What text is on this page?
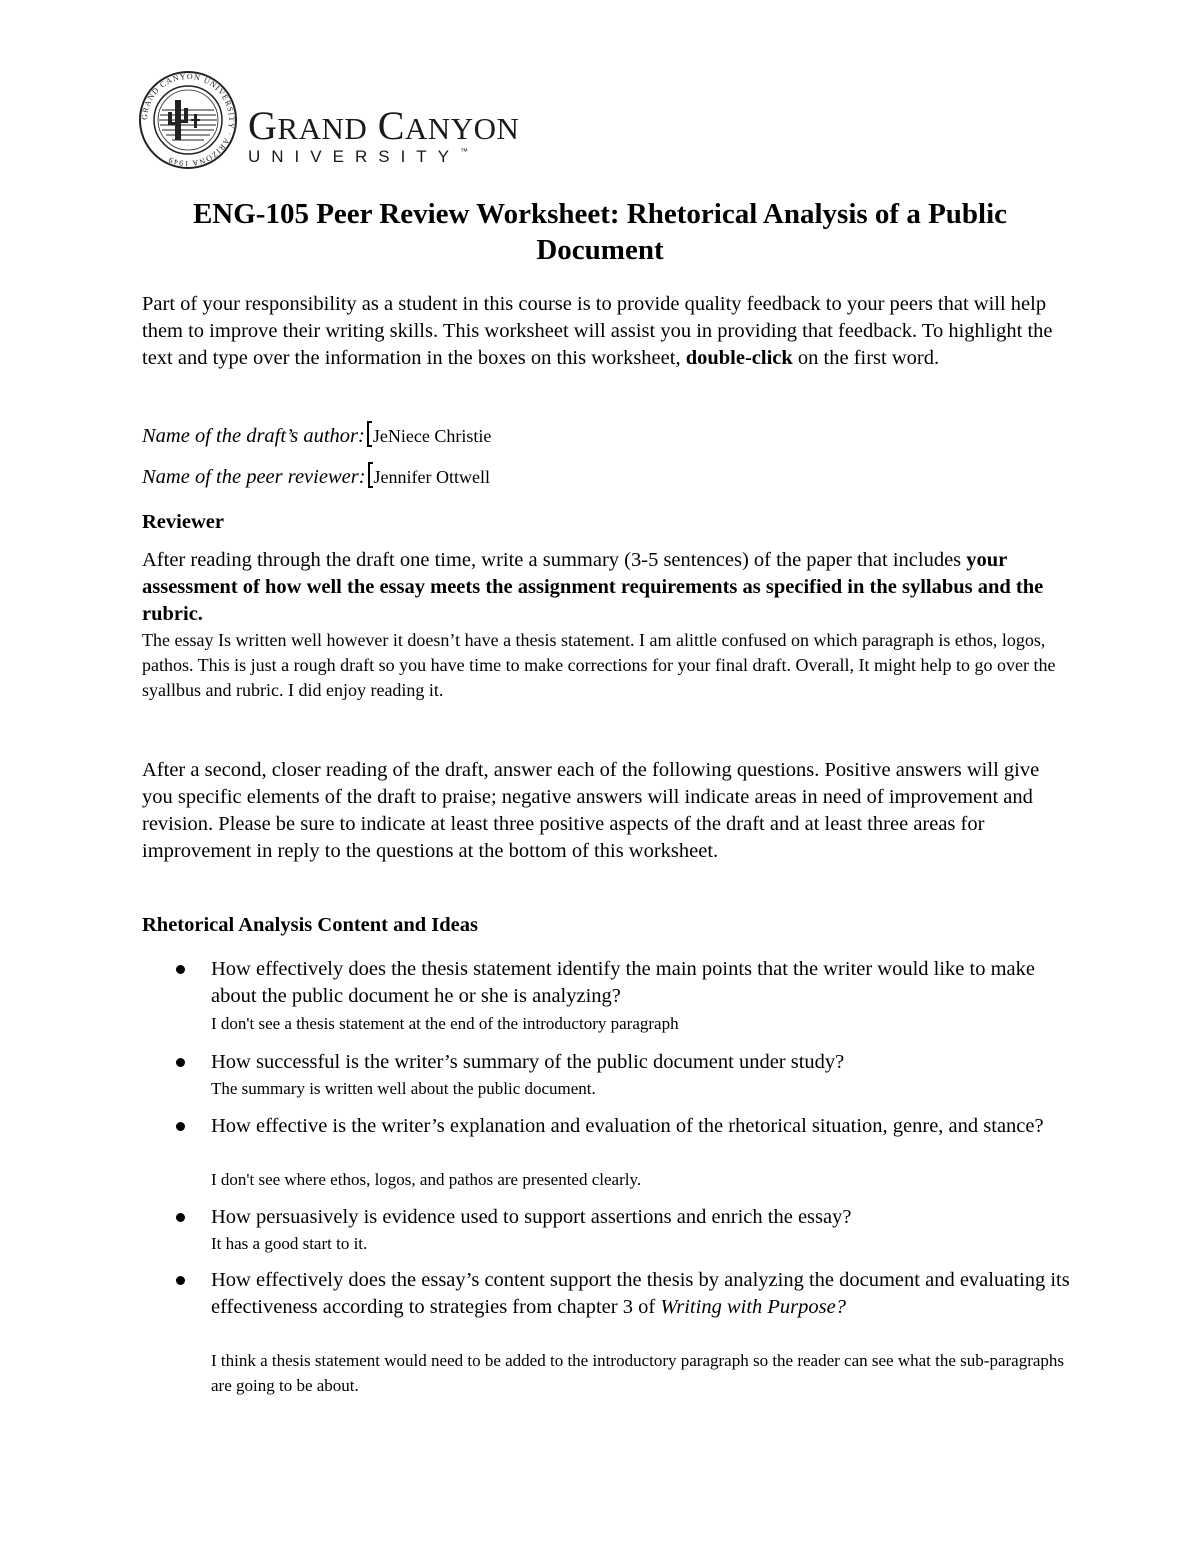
GRAND CANYON UNIVERSITY · ARIZONA 1949
GRAND CANYON
UNIVERSITY™
ENG-105 Peer Review Worksheet: Rhetorical Analysis of a Public
Document
Part of your responsibility as a student in this course is to provide quality feedback to your peers that will help them to improve their writing skills. This worksheet will assist you in providing that feedback. To highlight the text and type over the information in the boxes on this worksheet, double-click on the first word.
Name of the draft’s author: JeNiece Christie
Name of the peer reviewer: Jennifer Ottwell
Reviewer
After reading through the draft one time, write a summary (3-5 sentences) of the paper that includes your assessment of how well the essay meets the assignment requirements as specified in the syllabus and the rubric.
The essay Is written well however it doesn’t have a thesis statement. I am alittle confused on which paragraph is ethos, logos, pathos. This is just a rough draft so you have time to make corrections for your final draft. Overall, It might help to go over the syallbus and rubric. I did enjoy reading it.
After a second, closer reading of the draft, answer each of the following questions. Positive answers will give you specific elements of the draft to praise; negative answers will indicate areas in need of improvement and revision. Please be sure to indicate at least three positive aspects of the draft and at least three areas for improvement in reply to the questions at the bottom of this worksheet.
Rhetorical Analysis Content and Ideas
How effectively does the thesis statement identify the main points that the writer would like to make about the public document he or she is analyzing?
I don't see a thesis statement at the end of the introductory paragraph
How successful is the writer’s summary of the public document under study?
The summary is written well about the public document.
How effective is the writer’s explanation and evaluation of the rhetorical situation, genre, and stance?
I don't see where ethos, logos, and pathos are presented clearly.
How persuasively is evidence used to support assertions and enrich the essay?
It has a good start to it.
How effectively does the essay’s content support the thesis by analyzing the document and evaluating its effectiveness according to strategies from chapter 3 of Writing with Purpose?
I think a thesis statement would need to be added to the introductory paragraph so the reader can see what the sub-paragraphs are going to be about.
